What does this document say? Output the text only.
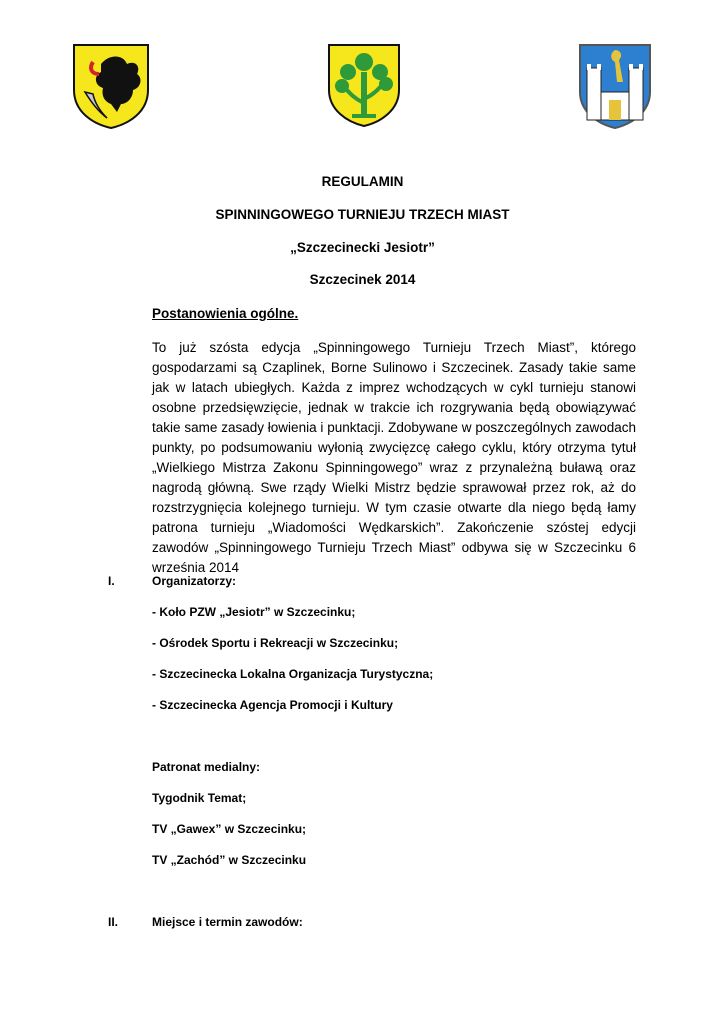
REGULAMIN
SPINNINGOWEGO TURNIEJU TRZECH MIAST
„Szczecinecki Jesiotr”
Szczecinek 2014
Postanowienia ogólne.

To już szósta edycja „Spinningowego Turnieju Trzech Miast”, którego gospodarzami są Czaplinek, Borne Sulinowo i Szczecinek. Zasady takie same jak w latach ubiegłych. Każda z imprez wchodzących w cykl turnieju stanowi osobne przedsięwzięcie, jednak w trakcie ich rozgrywania będą obowiązywać takie same zasady łowienia i punktacji. Zdobywane w poszczególnych zawodach punkty, po podsumowaniu wyłonią zwycięzcę całego cyklu, który otrzyma tytuł „Wielkiego Mistrza Zakonu Spinningowego” wraz z przynależną buławą oraz nagrodą główną. Swe rządy Wielki Mistrz będzie sprawował przez rok, aż do rozstrzygnięcia kolejnego turnieju. W tym czasie otwarte dla niego będą łamy patrona turnieju „Wiadomości Wędkarskich”. Zakończenie szóstej edycji zawodów „Spinningowego Turnieju Trzech Miast” odbywa się w Szczecinku 6 września 2014

I.	Organizatorzy:
- Koło PZW „Jesiotr” w Szczecinku;
- Ośrodek Sportu i Rekreacji w Szczecinku;
- Szczecinecka Lokalna Organizacja Turystyczna;
- Szczecinecka Agencja Promocji i Kultury
Patronat medialny:
Tygodnik Temat;
TV „Gawex” w Szczecinku;
TV „Zachód” w Szczecinku
II.	Miejsce i termin zawodów:
